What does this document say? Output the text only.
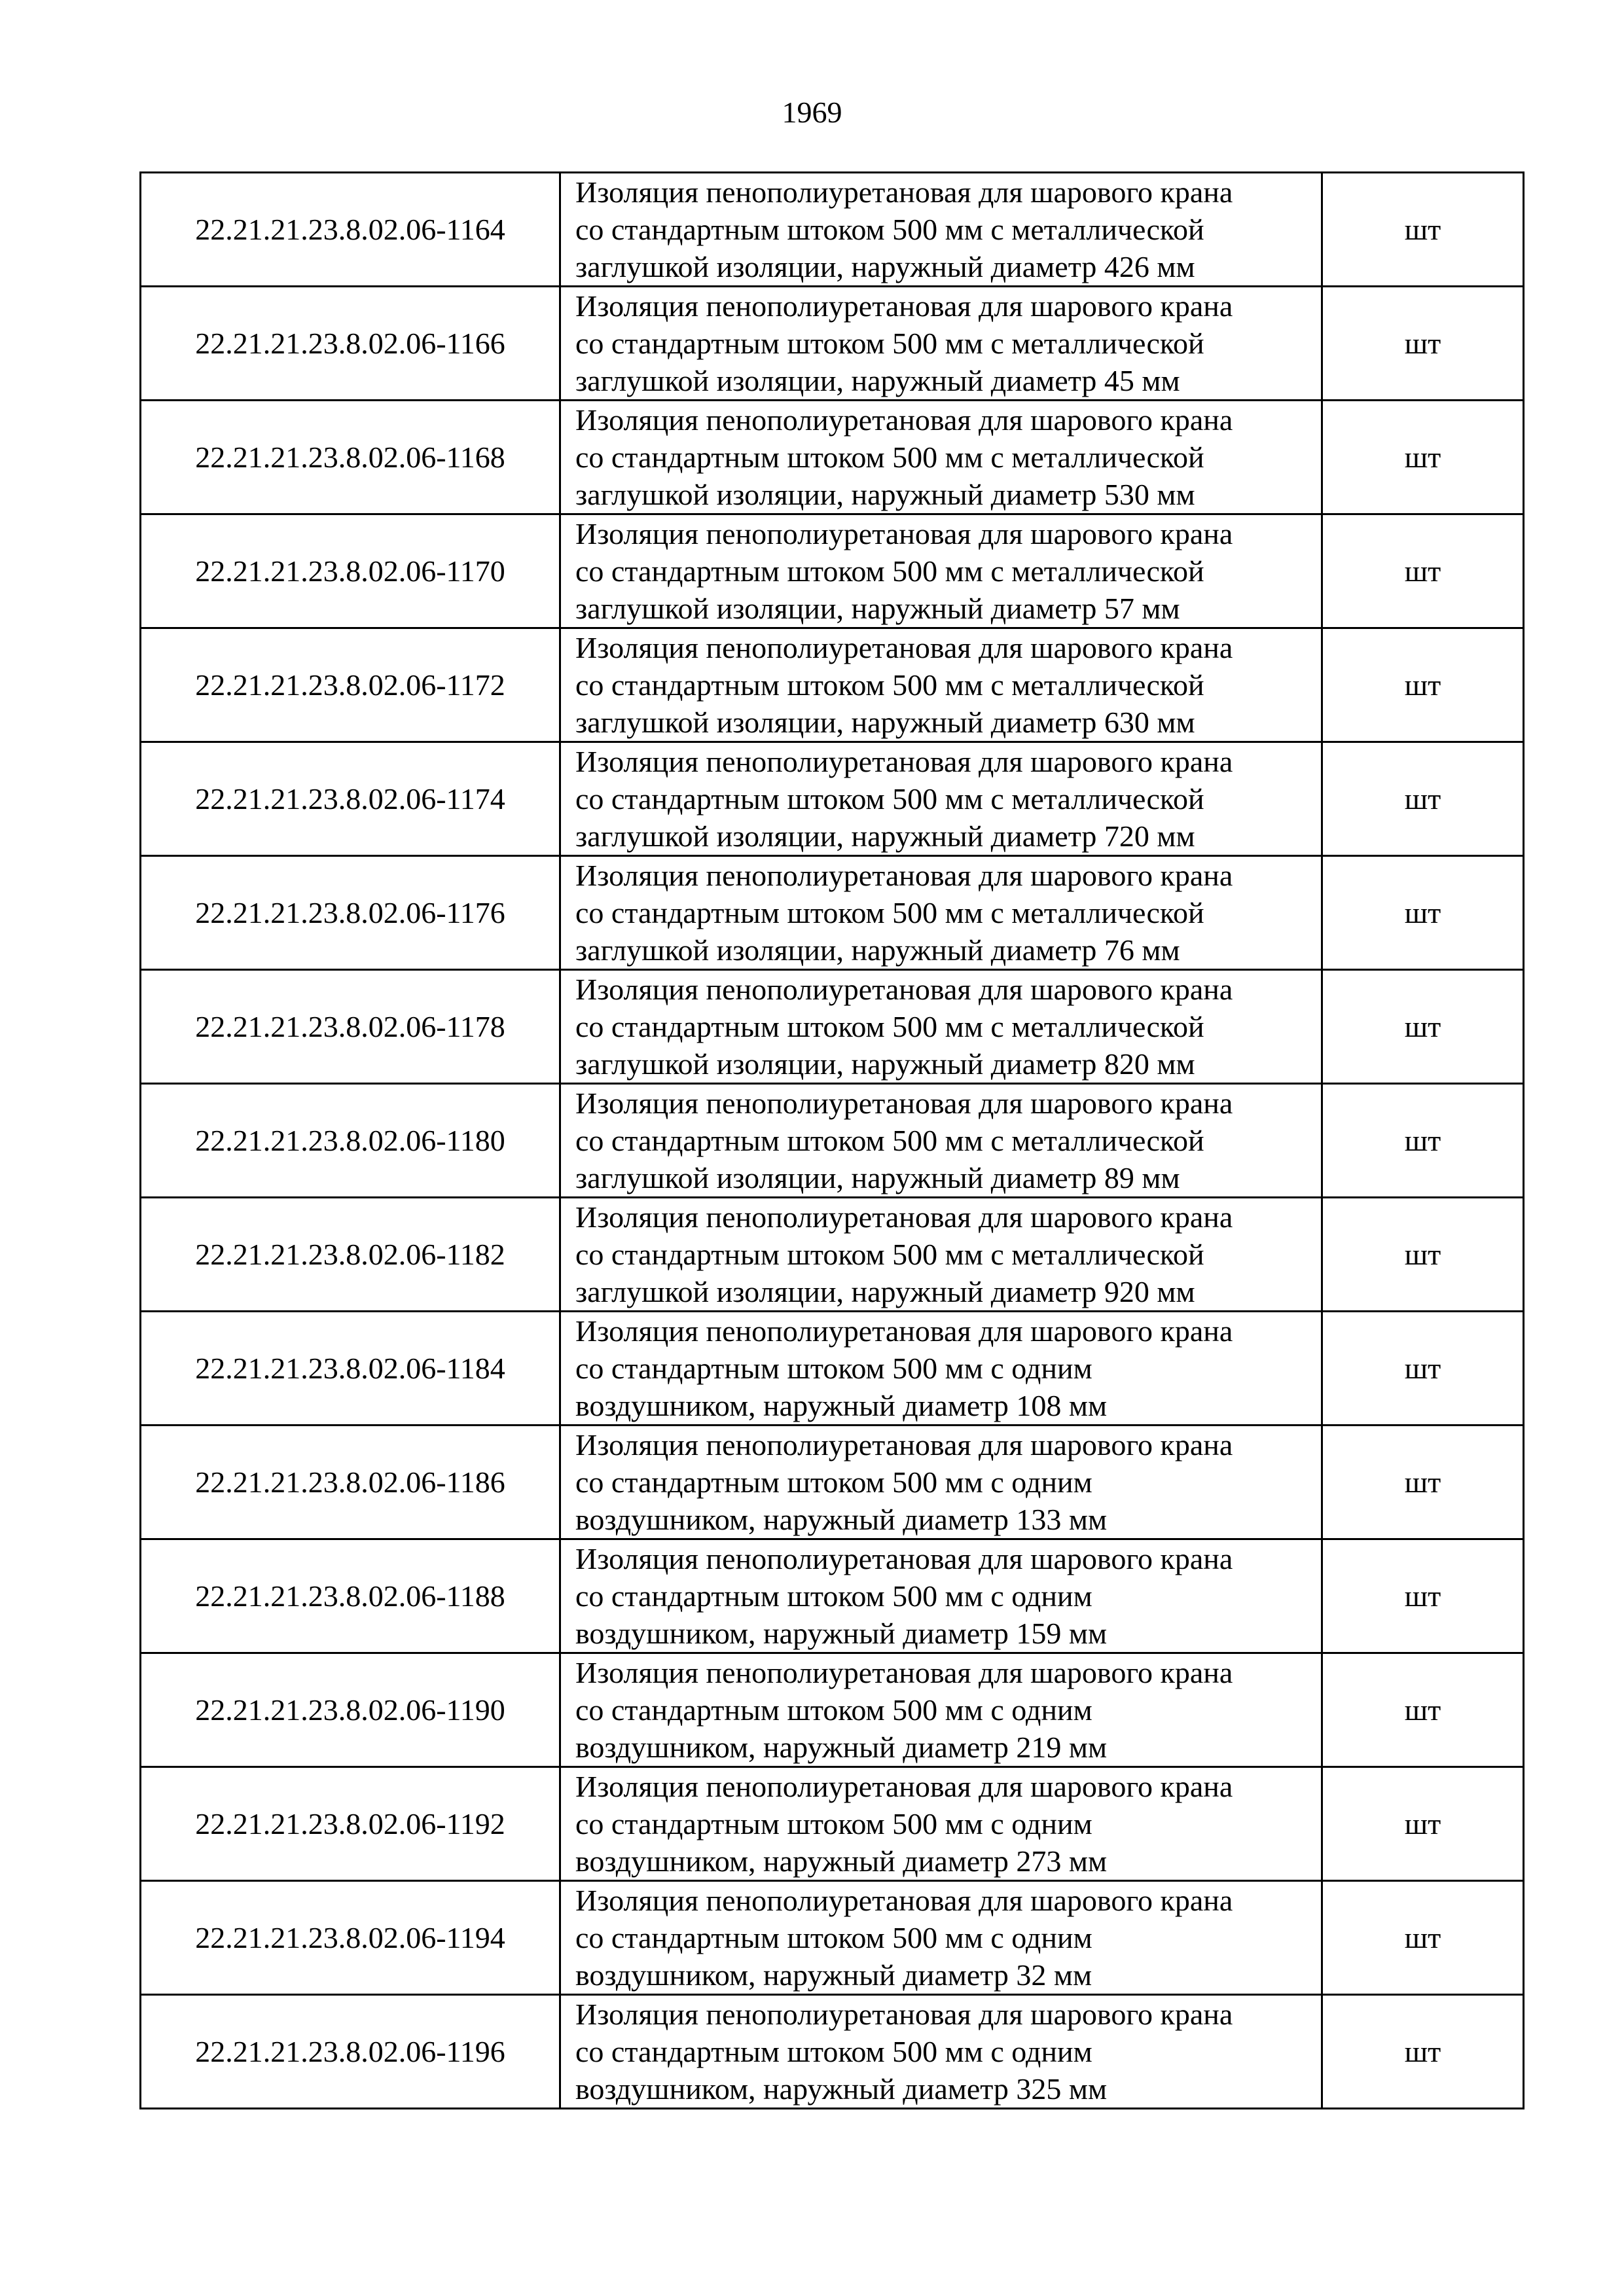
1969
22.21.21.23.8.02.06-1164	Изоляция пенополиуретановая для шарового крана
со стандартным штоком 500 мм с металлической
заглушкой изоляции, наружный диаметр 426 мм	шт
22.21.21.23.8.02.06-1166	Изоляция пенополиуретановая для шарового крана
со стандартным штоком 500 мм с металлической
заглушкой изоляции, наружный диаметр 45 мм	шт
22.21.21.23.8.02.06-1168	Изоляция пенополиуретановая для шарового крана
со стандартным штоком 500 мм с металлической
заглушкой изоляции, наружный диаметр 530 мм	шт
22.21.21.23.8.02.06-1170	Изоляция пенополиуретановая для шарового крана
со стандартным штоком 500 мм с металлической
заглушкой изоляции, наружный диаметр 57 мм	шт
22.21.21.23.8.02.06-1172	Изоляция пенополиуретановая для шарового крана
со стандартным штоком 500 мм с металлической
заглушкой изоляции, наружный диаметр 630 мм	шт
22.21.21.23.8.02.06-1174	Изоляция пенополиуретановая для шарового крана
со стандартным штоком 500 мм с металлической
заглушкой изоляции, наружный диаметр 720 мм	шт
22.21.21.23.8.02.06-1176	Изоляция пенополиуретановая для шарового крана
со стандартным штоком 500 мм с металлической
заглушкой изоляции, наружный диаметр 76 мм	шт
22.21.21.23.8.02.06-1178	Изоляция пенополиуретановая для шарового крана
со стандартным штоком 500 мм с металлической
заглушкой изоляции, наружный диаметр 820 мм	шт
22.21.21.23.8.02.06-1180	Изоляция пенополиуретановая для шарового крана
со стандартным штоком 500 мм с металлической
заглушкой изоляции, наружный диаметр 89 мм	шт
22.21.21.23.8.02.06-1182	Изоляция пенополиуретановая для шарового крана
со стандартным штоком 500 мм с металлической
заглушкой изоляции, наружный диаметр 920 мм	шт
22.21.21.23.8.02.06-1184	Изоляция пенополиуретановая для шарового крана
со стандартным штоком 500 мм с одним
воздушником, наружный диаметр 108 мм	шт
22.21.21.23.8.02.06-1186	Изоляция пенополиуретановая для шарового крана
со стандартным штоком 500 мм с одним
воздушником, наружный диаметр 133 мм	шт
22.21.21.23.8.02.06-1188	Изоляция пенополиуретановая для шарового крана
со стандартным штоком 500 мм с одним
воздушником, наружный диаметр 159 мм	шт
22.21.21.23.8.02.06-1190	Изоляция пенополиуретановая для шарового крана
со стандартным штоком 500 мм с одним
воздушником, наружный диаметр 219 мм	шт
22.21.21.23.8.02.06-1192	Изоляция пенополиуретановая для шарового крана
со стандартным штоком 500 мм с одним
воздушником, наружный диаметр 273 мм	шт
22.21.21.23.8.02.06-1194	Изоляция пенополиуретановая для шарового крана
со стандартным штоком 500 мм с одним
воздушником, наружный диаметр 32 мм	шт
22.21.21.23.8.02.06-1196	Изоляция пенополиуретановая для шарового крана
со стандартным штоком 500 мм с одним
воздушником, наружный диаметр 325 мм	шт
